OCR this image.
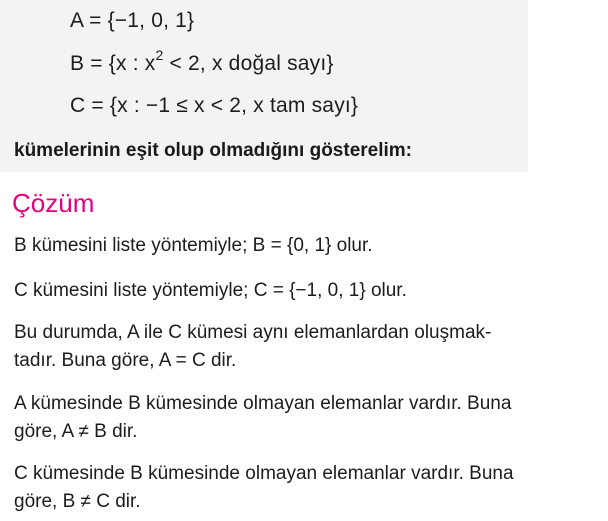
A = {−1, 0, 1}
B = {x : $x^2 < 2$, x doğal sayı}
C = {x : −1 ≤ x < 2, x tam sayı}
kümelerinin eşit olup olmadığını gösterelim:
Çözüm
B kümesini liste yöntemiyle; B = {0, 1} olur.
C kümesini liste yöntemiyle; C = {−1, 0, 1} olur.
Bu durumda, A ile C kümesi aynı elemanlardan oluşmak-
tadır. Buna göre, A = C dir.
A kümesinde B kümesinde olmayan elemanlar vardır. Buna
göre, A ≠ B dir.
C kümesinde B kümesinde olmayan elemanlar vardır. Buna
göre, B ≠ C dir.
